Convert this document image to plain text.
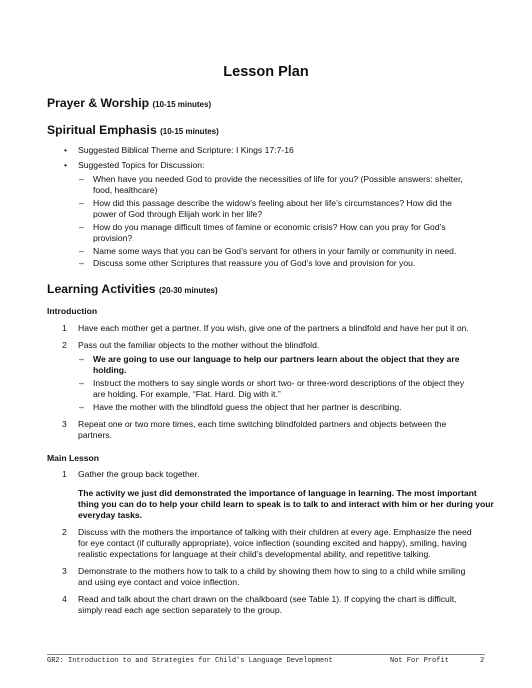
Lesson Plan
Prayer & Worship (10-15 minutes)
Spiritual Emphasis (10-15 minutes)
• Suggested Biblical Theme and Scripture: I Kings 17:7-16
• Suggested Topics for Discussion:
– When have you needed God to provide the necessities of life for you? (Possible answers: shelter,
food, healthcare)
– How did this passage describe the widow’s feeling about her life’s circumstances? How did the
power of God through Elijah work in her life?
– How do you manage difficult times of famine or economic crisis? How can you pray for God’s
provision?
– Name some ways that you can be God’s servant for others in your family or community in need.
– Discuss some other Scriptures that reassure you of God’s love and provision for you.
Learning Activities (20-30 minutes)
Introduction
1 Have each mother get a partner. If you wish, give one of the partners a blindfold and have her put it on.
2 Pass out the familiar objects to the mother without the blindfold.
– We are going to use our language to help our partners learn about the object that they are
holding.
– Instruct the mothers to say single words or short two- or three-word descriptions of the object they
are holding. For example, “Flat. Hard. Dig with it.”
– Have the mother with the blindfold guess the object that her partner is describing.
3 Repeat one or two more times, each time switching blindfolded partners and objects between the
partners.
Main Lesson
1 Gather the group back together.
The activity we just did demonstrated the importance of language in learning. The most important
thing you can do to help your child learn to speak is to talk to and interact with him or her during your
everyday tasks.
2 Discuss with the mothers the importance of talking with their children at every age. Emphasize the need
for eye contact (if culturally appropriate), voice inflection (sounding excited and happy), smiling, having
realistic expectations for language at their child’s developmental ability, and repetitive talking.
3 Demonstrate to the mothers how to talk to a child by showing them how to sing to a child while smiling
and using eye contact and voice inflection.
4 Read and talk about the chart drawn on the chalkboard (see Table 1). If copying the chart is difficult,
simply read each age section separately to the group.
GR2: Introduction to and Strategies for Child's Language Development	Not For Profit	2
